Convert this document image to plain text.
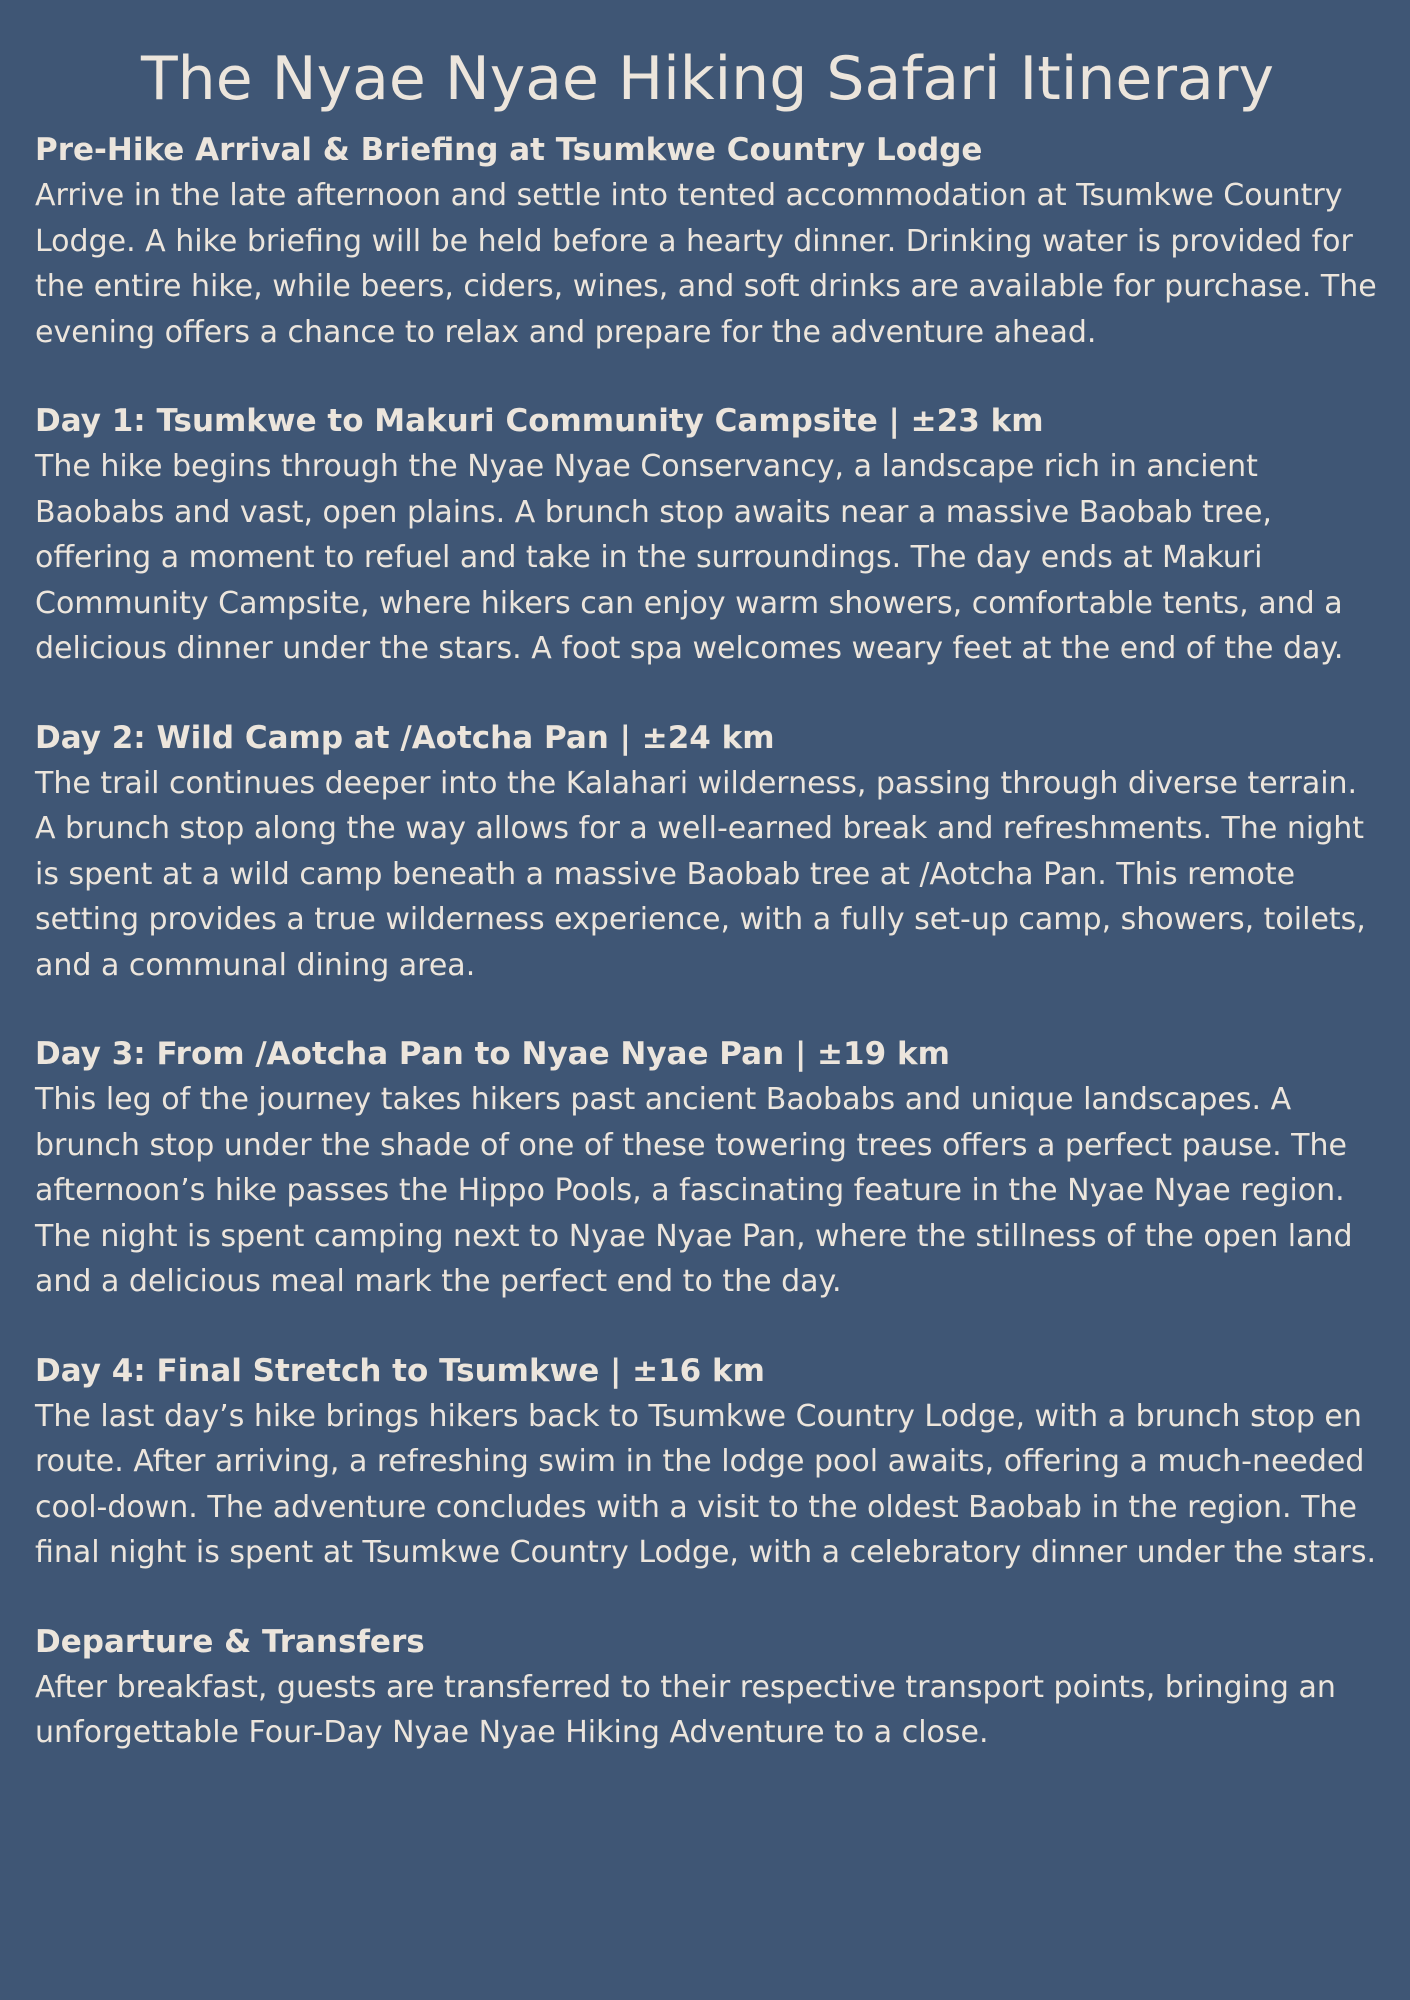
The Nyae Nyae Hiking Safari Itinerary

Pre-Hike Arrival & Briefing at Tsumkwe Country Lodge

Arrive in the late afternoon and settle into tented accommodation at Tsumkwe Country Lodge. A hike briefing will be held before a hearty dinner. Drinking water is provided for the entire hike, while beers, ciders, wines, and soft drinks are available for purchase. The evening offers a chance to relax and prepare for the adventure ahead.

Day 1: Tsumkwe to Makuri Community Campsite | ±23 km

The hike begins through the Nyae Nyae Conservancy, a landscape rich in ancient Baobabs and vast, open plains. A brunch stop awaits near a massive Baobab tree, offering a moment to refuel and take in the surroundings. The day ends at Makuri Community Campsite, where hikers can enjoy warm showers, comfortable tents, and a delicious dinner under the stars. A foot spa welcomes weary feet at the end of the day.

Day 2: Wild Camp at /Aotcha Pan | ±24 km

The trail continues deeper into the Kalahari wilderness, passing through diverse terrain. A brunch stop along the way allows for a well-earned break and refreshments. The night is spent at a wild camp beneath a massive Baobab tree at /Aotcha Pan. This remote setting provides a true wilderness experience, with a fully set-up camp, showers, toilets, and a communal dining area.

Day 3: From /Aotcha Pan to Nyae Nyae Pan | ±19 km

This leg of the journey takes hikers past ancient Baobabs and unique landscapes. A brunch stop under the shade of one of these towering trees offers a perfect pause. The afternoon’s hike passes the Hippo Pools, a fascinating feature in the Nyae Nyae region. The night is spent camping next to Nyae Nyae Pan, where the stillness of the open land and a delicious meal mark the perfect end to the day.

Day 4: Final Stretch to Tsumkwe | ±16 km

The last day’s hike brings hikers back to Tsumkwe Country Lodge, with a brunch stop en route. After arriving, a refreshing swim in the lodge pool awaits, offering a much-needed cool-down. The adventure concludes with a visit to the oldest Baobab in the region. The final night is spent at Tsumkwe Country Lodge, with a celebratory dinner under the stars.

Departure & Transfers

After breakfast, guests are transferred to their respective transport points, bringing an unforgettable Four-Day Nyae Nyae Hiking Adventure to a close.
